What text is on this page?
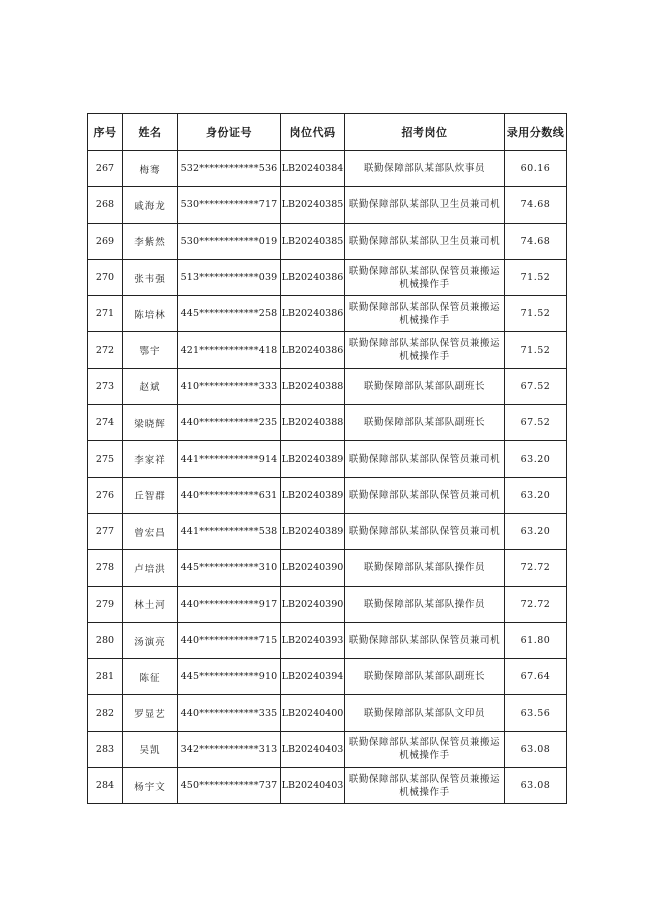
序号	姓名	身份证号	岗位代码	招考岗位	录用分数线
267	梅骞	532************536	LB20240384	联勤保障部队某部队炊事员	60.16
268	戚海龙	530************717	LB20240385	联勤保障部队某部队卫生员兼司机	74.68
269	李紫然	530************019	LB20240385	联勤保障部队某部队卫生员兼司机	74.68
270	张韦强	513************039	LB20240386	联勤保障部队某部队保管员兼搬运机械操作手	71.52
271	陈培林	445************258	LB20240386	联勤保障部队某部队保管员兼搬运机械操作手	71.52
272	鄂宇	421************418	LB20240386	联勤保障部队某部队保管员兼搬运机械操作手	71.52
273	赵斌	410************333	LB20240388	联勤保障部队某部队副班长	67.52
274	梁晓辉	440************235	LB20240388	联勤保障部队某部队副班长	67.52
275	李家祥	441************914	LB20240389	联勤保障部队某部队保管员兼司机	63.20
276	丘智群	440************631	LB20240389	联勤保障部队某部队保管员兼司机	63.20
277	曾宏昌	441************538	LB20240389	联勤保障部队某部队保管员兼司机	63.20
278	卢培洪	445************310	LB20240390	联勤保障部队某部队操作员	72.72
279	林土河	440************917	LB20240390	联勤保障部队某部队操作员	72.72
280	汤演亮	440************715	LB20240393	联勤保障部队某部队保管员兼司机	61.80
281	陈征	445************910	LB20240394	联勤保障部队某部队副班长	67.64
282	罗显艺	440************335	LB20240400	联勤保障部队某部队文印员	63.56
283	吴凯	342************313	LB20240403	联勤保障部队某部队保管员兼搬运机械操作手	63.08
284	杨宇文	450************737	LB20240403	联勤保障部队某部队保管员兼搬运机械操作手	63.08
